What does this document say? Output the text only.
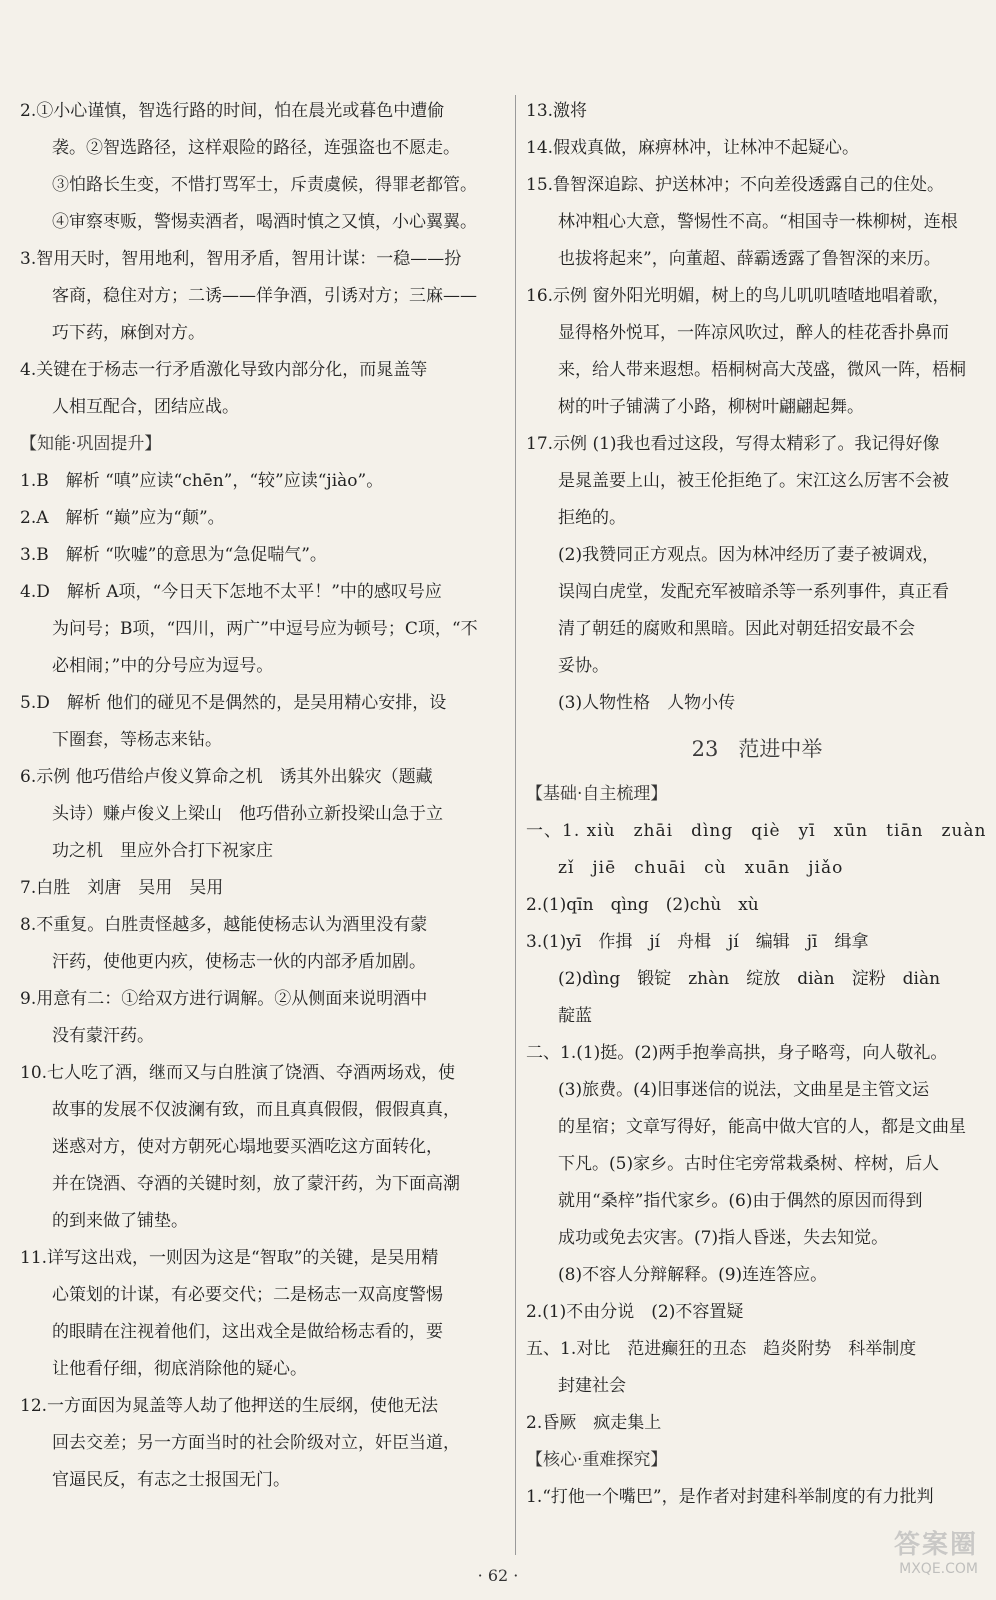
2.①小心谨慎，智选行路的时间，怕在晨光或暮色中遭偷
袭。②智选路径，这样艰险的路径，连强盗也不愿走。
③怕路长生变，不惜打骂军士，斥责虞候，得罪老都管。
④审察枣贩，警惕卖酒者，喝酒时慎之又慎，小心翼翼。
3.智用天时，智用地利，智用矛盾，智用计谋：一稳——扮
客商，稳住对方；二诱——佯争酒，引诱对方；三麻——
巧下药，麻倒对方。
4.关键在于杨志一行矛盾激化导致内部分化，而晁盖等
人相互配合，团结应战。
【知能·巩固提升】
1.B　解析 “嗔”应读“chēn”，“较”应读“jiào”。
2.A　解析 “巅”应为“颠”。
3.B　解析 “吹嘘”的意思为“急促喘气”。
4.D　解析 A项，“今日天下怎地不太平！”中的感叹号应
为问号；B项，“四川，两广”中逗号应为顿号；C项，“不
必相闹；”中的分号应为逗号。
5.D　解析 他们的碰见不是偶然的，是吴用精心安排，设
下圈套，等杨志来钻。
6.示例 他巧借给卢俊义算命之机　诱其外出躲灾（题藏
头诗）赚卢俊义上梁山　他巧借孙立新投梁山急于立
功之机　里应外合打下祝家庄
7.白胜　刘唐　吴用　吴用
8.不重复。白胜责怪越多，越能使杨志认为酒里没有蒙
汗药，使他更内疚，使杨志一伙的内部矛盾加剧。
9.用意有二：①给双方进行调解。②从侧面来说明酒中
没有蒙汗药。
10.七人吃了酒，继而又与白胜演了饶酒、夺酒两场戏，使
故事的发展不仅波澜有致，而且真真假假，假假真真，
迷惑对方，使对方朝死心塌地要买酒吃这方面转化，
并在饶酒、夺酒的关键时刻，放了蒙汗药，为下面高潮
的到来做了铺垫。
11.详写这出戏，一则因为这是“智取”的关键，是吴用精
心策划的计谋，有必要交代；二是杨志一双高度警惕
的眼睛在注视着他们，这出戏全是做给杨志看的，要
让他看仔细，彻底消除他的疑心。
12.一方面因为晁盖等人劫了他押送的生辰纲，使他无法
回去交差；另一方面当时的社会阶级对立，奸臣当道，
官逼民反，有志之士报国无门。
13.激将
14.假戏真做，麻痹林冲，让林冲不起疑心。
15.鲁智深追踪、护送林冲；不向差役透露自己的住处。
林冲粗心大意，警惕性不高。“相国寺一株柳树，连根
也拔将起来”，向董超、薛霸透露了鲁智深的来历。
16.示例 窗外阳光明媚，树上的鸟儿叽叽喳喳地唱着歌，
显得格外悦耳，一阵凉风吹过，醉人的桂花香扑鼻而
来，给人带来遐想。梧桐树高大茂盛，微风一阵，梧桐
树的叶子铺满了小路，柳树叶翩翩起舞。
17.示例 (1)我也看过这段，写得太精彩了。我记得好像
是晁盖要上山，被王伦拒绝了。宋江这么厉害不会被
拒绝的。
(2)我赞同正方观点。因为林冲经历了妻子被调戏，
误闯白虎堂，发配充军被暗杀等一系列事件，真正看
清了朝廷的腐败和黑暗。因此对朝廷招安最不会
妥协。
(3)人物性格　人物小传
23 范进中举
【基础·自主梳理】
一、1. xiù　zhāi　dìng　qiè　yī　xūn　tiān　zuàn
zǐ　jiē　chuāi　cù　xuān　jiǎo
2.(1)qīn　qìng　(2)chù　xù
3.(1)yī　作揖　jí　舟楫　jí　编辑　jī　缉拿
(2)dìng　锻锭　zhàn　绽放　diàn　淀粉　diàn
靛蓝
二、1.(1)挺。(2)两手抱拳高拱，身子略弯，向人敬礼。
(3)旅费。(4)旧事迷信的说法，文曲星是主管文运
的星宿；文章写得好，能高中做大官的人，都是文曲星
下凡。(5)家乡。古时住宅旁常栽桑树、梓树，后人
就用“桑梓”指代家乡。(6)由于偶然的原因而得到
成功或免去灾害。(7)指人昏迷，失去知觉。
(8)不容人分辩解释。(9)连连答应。
2.(1)不由分说　(2)不容置疑
五、1.对比　范进癫狂的丑态　趋炎附势　科举制度
封建社会
2.昏厥　疯走集上
【核心·重难探究】
1.“打他一个嘴巴”，是作者对封建科举制度的有力批判
· 62 ·
答案圈
MXQE.COM
